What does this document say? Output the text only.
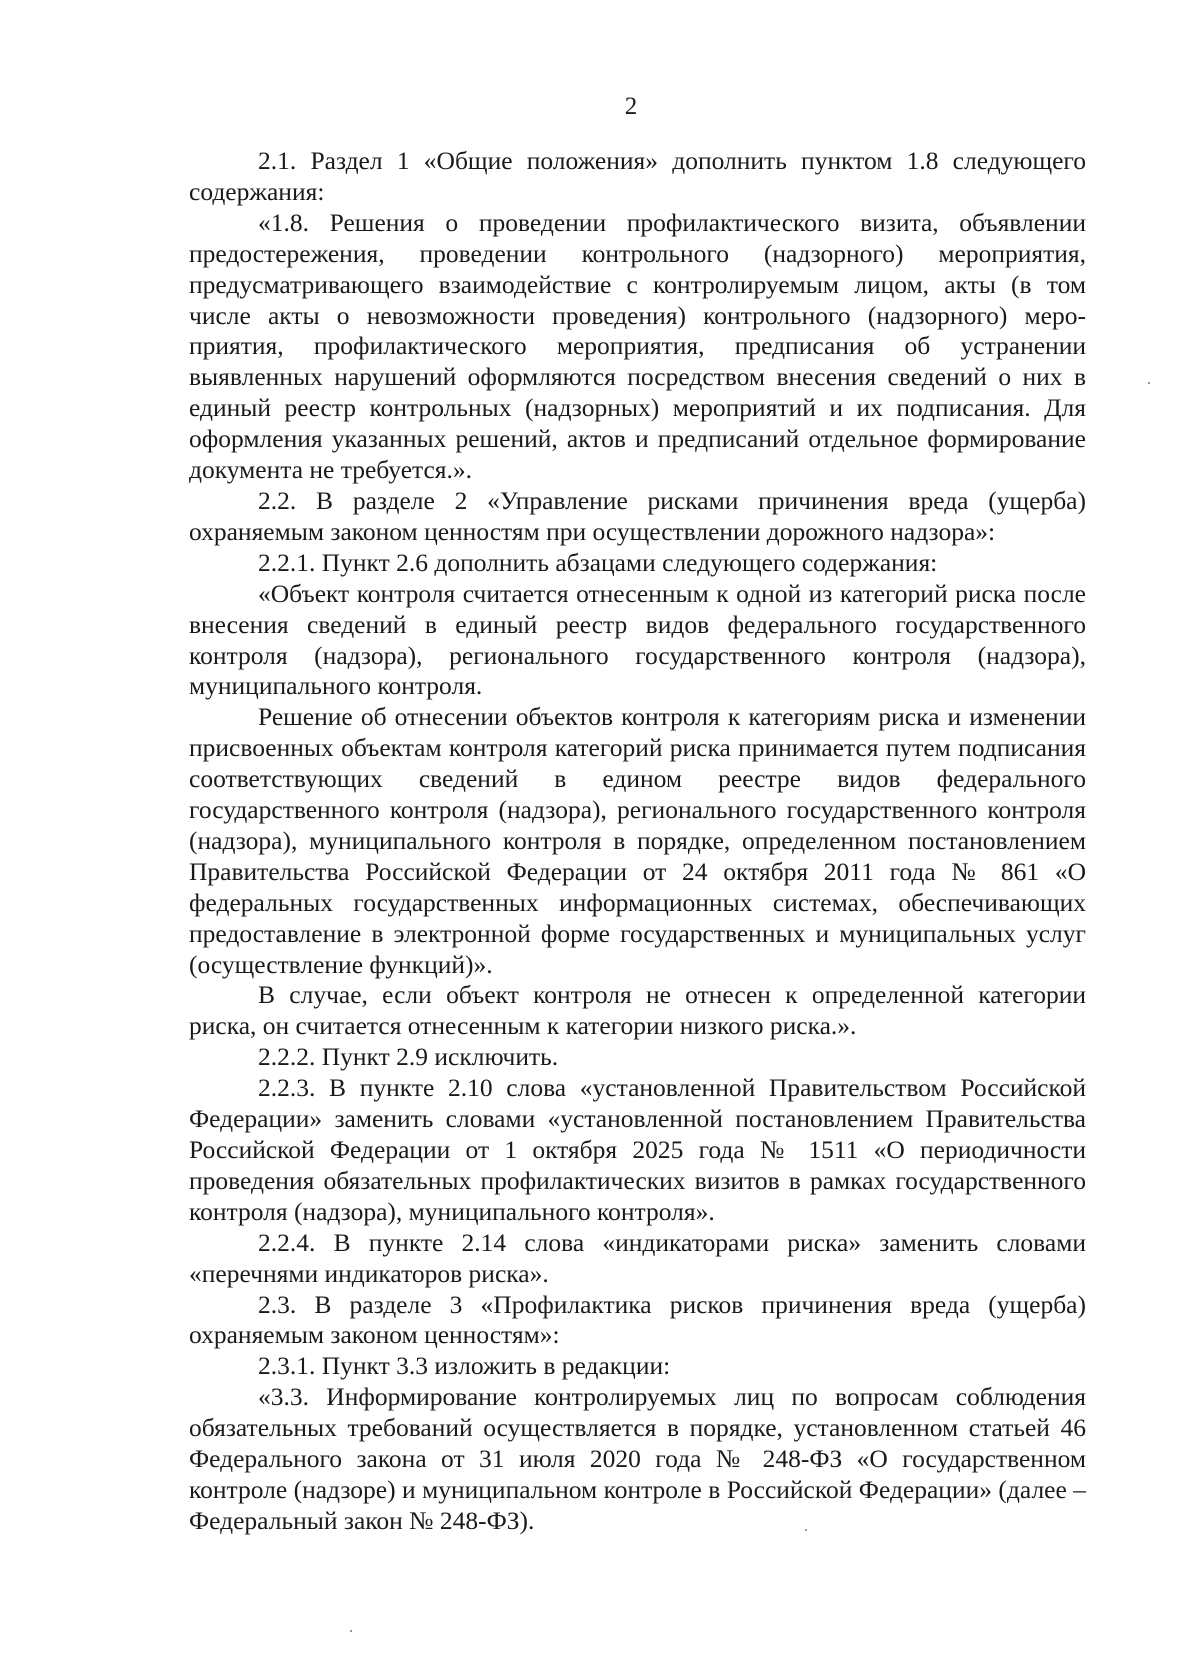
2

2.1. Раздел 1 «Общие положения» дополнить пунктом 1.8 следующего содержания:

«1.8. Решения о проведении профилактического визита, объявлении предостережения, проведении контрольного (надзорного) мероприятия, предусматривающего взаимодействие с контролируемым лицом, акты (в том числе акты о невозможности проведения) контрольного (надзорного) мероприятия, профилактического мероприятия, предписания об устранении выявленных нарушений оформляются посредством внесения сведений о них в единый реестр контрольных (надзорных) мероприятий и их подписания. Для оформления указанных решений, актов и предписаний отдельное формирование документа не требуется.».

2.2. В разделе 2 «Управление рисками причинения вреда (ущерба) охраняемым законом ценностям при осуществлении дорожного надзора»:

2.2.1. Пункт 2.6 дополнить абзацами следующего содержания:

«Объект контроля считается отнесенным к одной из категорий риска после внесения сведений в единый реестр видов федерального государственного контроля (надзора), регионального государственного контроля (надзора), муниципального контроля.

Решение об отнесении объектов контроля к категориям риска и изменении присвоенных объектам контроля категорий риска принимается путем подписания соответствующих сведений в едином реестре видов федерального государственного контроля (надзора), регионального государственного контроля (надзора), муниципального контроля в порядке, определенном постановлением Правительства Российской Федерации от 24 октября 2011 года № 861 «О федеральных государственных информационных системах, обеспечивающих предоставление в электронной форме государственных и муниципальных услуг (осуществление функций)».

В случае, если объект контроля не отнесен к определенной категории риска, он считается отнесенным к категории низкого риска.».

2.2.2. Пункт 2.9 исключить.

2.2.3. В пункте 2.10 слова «установленной Правительством Российской Федерации» заменить словами «установленной постановлением Правительства Российской Федерации от 1 октября 2025 года № 1511 «О периодичности проведения обязательных профилактических визитов в рамках государственного контроля (надзора), муниципального контроля».

2.2.4. В пункте 2.14 слова «индикаторами риска» заменить словами «перечнями индикаторов риска».

2.3. В разделе 3 «Профилактика рисков причинения вреда (ущерба) охраняемым законом ценностям»:

2.3.1. Пункт 3.3 изложить в редакции:

«3.3. Информирование контролируемых лиц по вопросам соблюдения обязательных требований осуществляется в порядке, установленном статьей 46 Федерального закона от 31 июля 2020 года № 248-ФЗ «О государственном контроле (надзоре) и муниципальном контроле в Российской Федерации» (далее – Федеральный закон № 248-ФЗ).
